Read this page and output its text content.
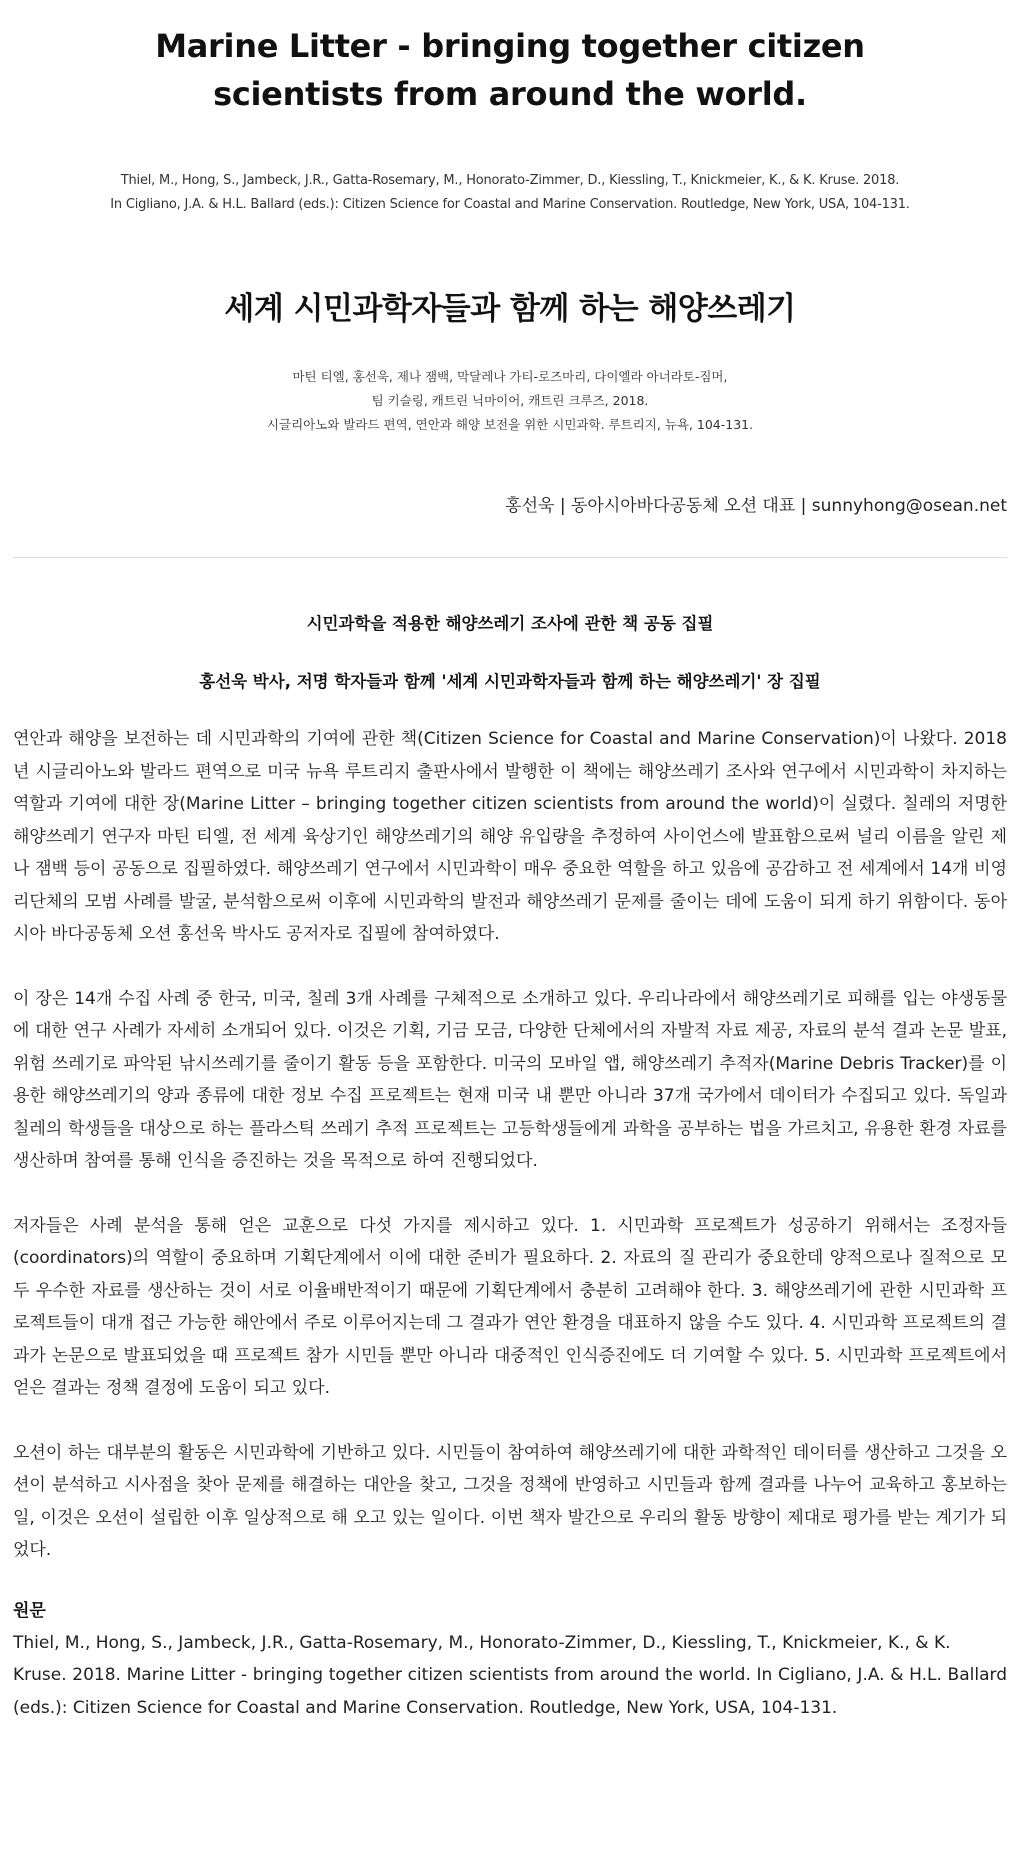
Marine Litter - bringing together citizen scientists from around the world.
Thiel, M., Hong, S., Jambeck, J.R., Gatta-Rosemary, M., Honorato-Zimmer, D., Kiessling, T., Knickmeier, K., & K. Kruse. 2018.
In Cigliano, J.A. & H.L. Ballard (eds.): Citizen Science for Coastal and Marine Conservation. Routledge, New York, USA, 104-131.
세계 시민과학자들과 함께 하는 해양쓰레기
마틴 티엘, 홍선욱, 제나 잼백, 막달레나 가티-로즈마리, 다이엘라 아너라토-짐머,
팀 키슬링, 캐트린 닉마이어, 캐트린 크루즈, 2018.
시글리아노와 발라드 편역, 연안과 해양 보전을 위한 시민과학. 루트리지, 뉴욕, 104-131.
홍선욱 | 동아시아바다공동체 오션 대표 | sunnyhong@osean.net
시민과학을 적용한 해양쓰레기 조사에 관한 책 공동 집필
홍선욱 박사, 저명 학자들과 함께 '세계 시민과학자들과 함께 하는 해양쓰레기' 장 집필

연안과 해양을 보전하는 데 시민과학의 기여에 관한 책(Citizen Science for Coastal and Marine Conservation)이 나왔다. 2018년 시글리아노와 발라드 편역으로 미국 뉴욕 루트리지 출판사에서 발행한 이 책에는 해양쓰레기 조사와 연구에서 시민과학이 차지하는 역할과 기여에 대한 장(Marine Litter – bringing together citizen scientists from around the world)이 실렸다. 칠레의 저명한 해양쓰레기 연구자 마틴 티엘, 전 세계 육상기인 해양쓰레기의 해양 유입량을 추정하여 사이언스에 발표함으로써 널리 이름을 알린 제나 잼백 등이 공동으로 집필하였다. 해양쓰레기 연구에서 시민과학이 매우 중요한 역할을 하고 있음에 공감하고 전 세계에서 14개 비영리단체의 모범 사례를 발굴, 분석함으로써 이후에 시민과학의 발전과 해양쓰레기 문제를 줄이는 데에 도움이 되게 하기 위함이다. 동아시아 바다공동체 오션 홍선욱 박사도 공저자로 집필에 참여하였다.

이 장은 14개 수집 사례 중 한국, 미국, 칠레 3개 사례를 구체적으로 소개하고 있다. 우리나라에서 해양쓰레기로 피해를 입는 야생동물에 대한 연구 사례가 자세히 소개되어 있다. 이것은 기획, 기금 모금, 다양한 단체에서의 자발적 자료 제공, 자료의 분석 결과 논문 발표, 위험 쓰레기로 파악된 낚시쓰레기를 줄이기 활동 등을 포함한다. 미국의 모바일 앱, 해양쓰레기 추적자(Marine Debris Tracker)를 이용한 해양쓰레기의 양과 종류에 대한 정보 수집 프로젝트는 현재 미국 내 뿐만 아니라 37개 국가에서 데이터가 수집되고 있다. 독일과 칠레의 학생들을 대상으로 하는 플라스틱 쓰레기 추적 프로젝트는 고등학생들에게 과학을 공부하는 법을 가르치고, 유용한 환경 자료를 생산하며 참여를 통해 인식을 증진하는 것을 목적으로 하여 진행되었다.

저자들은 사례 분석을 통해 얻은 교훈으로 다섯 가지를 제시하고 있다. 1. 시민과학 프로젝트가 성공하기 위해서는 조정자들(coordinators)의 역할이 중요하며 기획단계에서 이에 대한 준비가 필요하다. 2. 자료의 질 관리가 중요한데 양적으로나 질적으로 모두 우수한 자료를 생산하는 것이 서로 이율배반적이기 때문에 기획단계에서 충분히 고려해야 한다. 3. 해양쓰레기에 관한 시민과학 프로젝트들이 대개 접근 가능한 해안에서 주로 이루어지는데 그 결과가 연안 환경을 대표하지 않을 수도 있다. 4. 시민과학 프로젝트의 결과가 논문으로 발표되었을 때 프로젝트 참가 시민들 뿐만 아니라 대중적인 인식증진에도 더 기여할 수 있다. 5. 시민과학 프로젝트에서 얻은 결과는 정책 결정에 도움이 되고 있다.

오션이 하는 대부분의 활동은 시민과학에 기반하고 있다. 시민들이 참여하여 해양쓰레기에 대한 과학적인 데이터를 생산하고 그것을 오션이 분석하고 시사점을 찾아 문제를 해결하는 대안을 찾고, 그것을 정책에 반영하고 시민들과 함께 결과를 나누어 교육하고 홍보하는 일, 이것은 오션이 설립한 이후 일상적으로 해 오고 있는 일이다. 이번 책자 발간으로 우리의 활동 방향이 제대로 평가를 받는 계기가 되었다.

원문
Thiel, M., Hong, S., Jambeck, J.R., Gatta-Rosemary, M., Honorato-Zimmer, D., Kiessling, T., Knickmeier, K., & K.
Kruse. 2018. Marine Litter - bringing together citizen scientists from around the world. In Cigliano, J.A. & H.L. Ballard (eds.): Citizen Science for Coastal and Marine Conservation. Routledge, New York, USA, 104-131.
